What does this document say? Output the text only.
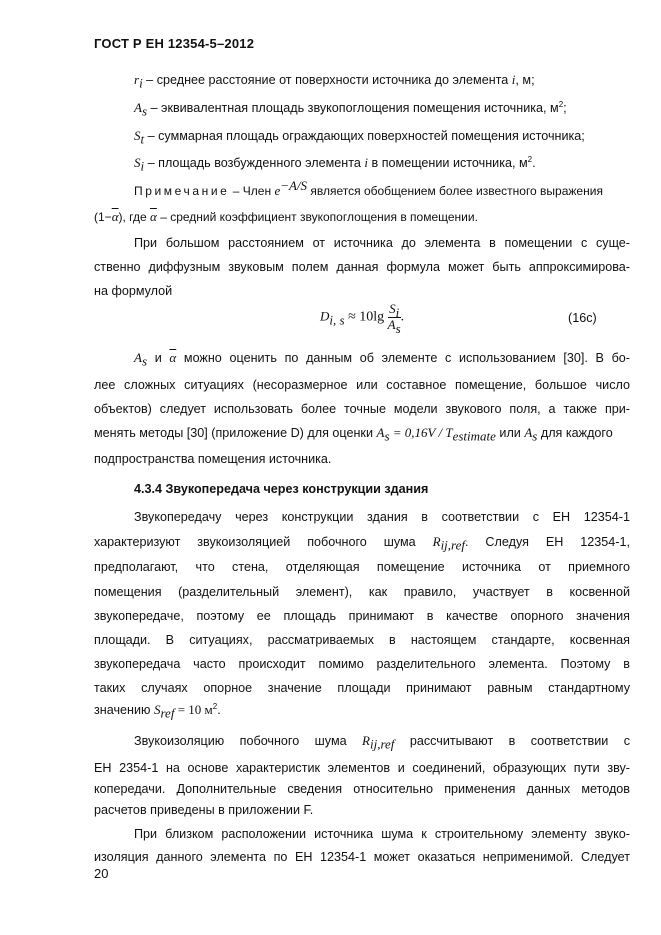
ГОСТ Р ЕН 12354-5–2012
$r_i$ – среднее расстояние от поверхности источника до элемента i, м;
$A_s$ – эквивалентная площадь звукопоглощения помещения источника, $м^2$;
$S_t$ – суммарная площадь ограждающих поверхностей помещения источника;
$S_i$ – площадь возбужденного элемента i в помещении источника, $м^2$.
Примечание – Член $e^{-A/S}$ является обобщением более известного выражения
$(1-\overline{\alpha})$, где $\overline{\alpha}$ – средний коэффициент звукопоглощения в помещении.
При большом расстоянием от источника до элемента в помещении с суще-
ственно диффузным звуковым полем данная формула может быть аппроксимирова-
на формулой
$D_{i, s} \approx 10\lg \frac{S_i}{A_s}$ .	(16с)
$A_s$ и $\overline{\alpha}$ можно оценить по данным об элементе с использованием [30]. В бо-
лее сложных ситуациях (несоразмерное или составное помещение, большое число
объектов) следует использовать более точные модели звукового поля, а также при-
менять методы [30] (приложение D) для оценки $A_s = 0,16V / T_{estimate}$ или $A_s$ для каждого
подпространства помещения источника.
4.3.4 Звукопередача через конструкции здания
Звукопередачу через конструкции здания в соответствии с ЕН 12354-1
характеризуют звукоизоляцией побочного шума $R_{ij,ref}$. Следуя ЕН 12354-1,
предполагают, что стена, отделяющая помещение источника от приемного
помещения (разделительный элемент), как правило, участвует в косвенной
звукопередаче, поэтому ее площадь принимают в качестве опорного значения
площади. В ситуациях, рассматриваемых в настоящем стандарте, косвенная
звукопередача часто происходит помимо разделительного элемента. Поэтому в
таких случаях опорное значение площади принимают равным стандартному
значению $S_{ref} = 10$ $м^2$.
Звукоизоляцию побочного шума $R_{ij,ref}$ рассчитывают в соответствии с
ЕН 2354-1 на основе характеристик элементов и соединений, образующих пути зву-
копередачи. Дополнительные сведения относительно применения данных методов
расчетов приведены в приложении F.
При близком расположении источника шума к строительному элементу звуко-
изоляция данного элемента по ЕН 12354-1 может оказаться неприменимой. Следует
20
